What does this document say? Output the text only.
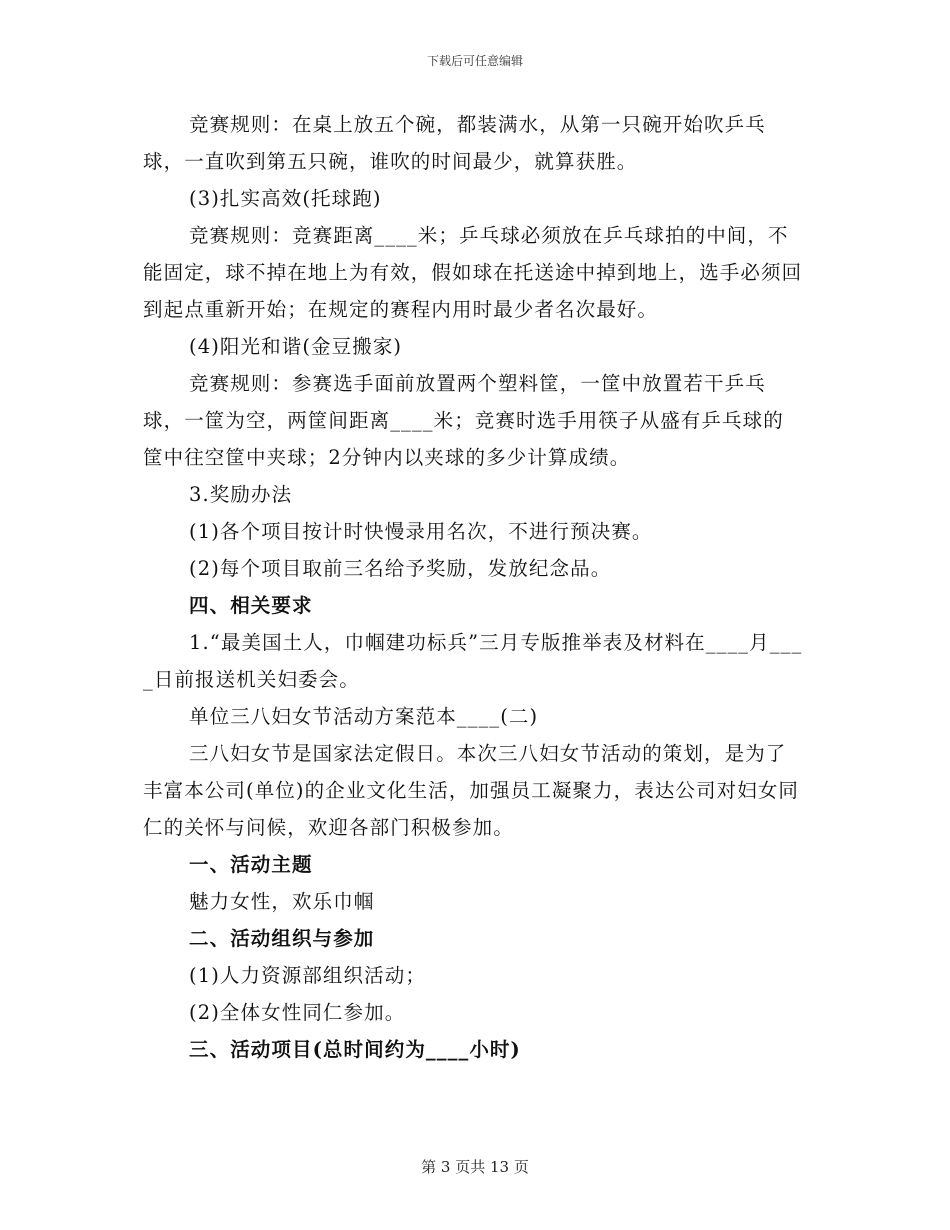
下载后可任意编辑

竞赛规则：在桌上放五个碗，都装满水，从第一只碗开始吹乒乓球，一直吹到第五只碗，谁吹的时间最少，就算获胜。

(3)扎实高效(托球跑)

竞赛规则：竞赛距离____米；乒乓球必须放在乒乓球拍的中间，不能固定，球不掉在地上为有效，假如球在托送途中掉到地上，选手必须回到起点重新开始；在规定的赛程内用时最少者名次最好。

(4)阳光和谐(金豆搬家)

竞赛规则：参赛选手面前放置两个塑料筐，一筐中放置若干乒乓球，一筐为空，两筐间距离____米；竞赛时选手用筷子从盛有乒乓球的筐中往空筐中夹球；2分钟内以夹球的多少计算成绩。

3.奖励办法

(1)各个项目按计时快慢录用名次，不进行预决赛。

(2)每个项目取前三名给予奖励，发放纪念品。

四、相关要求

1.“最美国土人，巾帼建功标兵”三月专版推举表及材料在____月____日前报送机关妇委会。

单位三八妇女节活动方案范本____(二)

三八妇女节是国家法定假日。本次三八妇女节活动的策划，是为了丰富本公司(单位)的企业文化生活，加强员工凝聚力，表达公司对妇女同仁的关怀与问候，欢迎各部门积极参加。

一、活动主题

魅力女性，欢乐巾帼

二、活动组织与参加

(1)人力资源部组织活动；

(2)全体女性同仁参加。

三、活动项目(总时间约为____小时)

第 3 页共 13 页
